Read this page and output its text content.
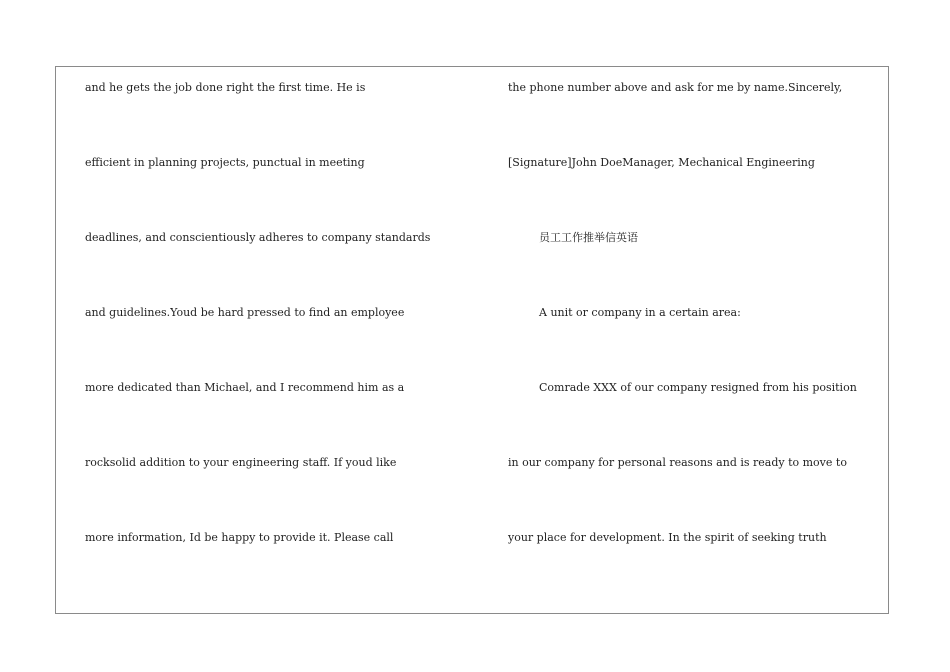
and he gets the job done right the first time. He is
efficient in planning projects, punctual in meeting
deadlines, and conscientiously adheres to company standards
and guidelines.Youd be hard pressed to find an employee
more dedicated than Michael, and I recommend him as a
rocksolid addition to your engineering staff. If youd like
more information, Id be happy to provide it. Please call
the phone number above and ask for me by name.Sincerely,
[Signature]John DoeManager, Mechanical Engineering
员工工作推举信英语
A unit or company in a certain area:
Comrade XXX of our company resigned from his position
in our company for personal reasons and is ready to move to
your place for development. In the spirit of seeking truth
